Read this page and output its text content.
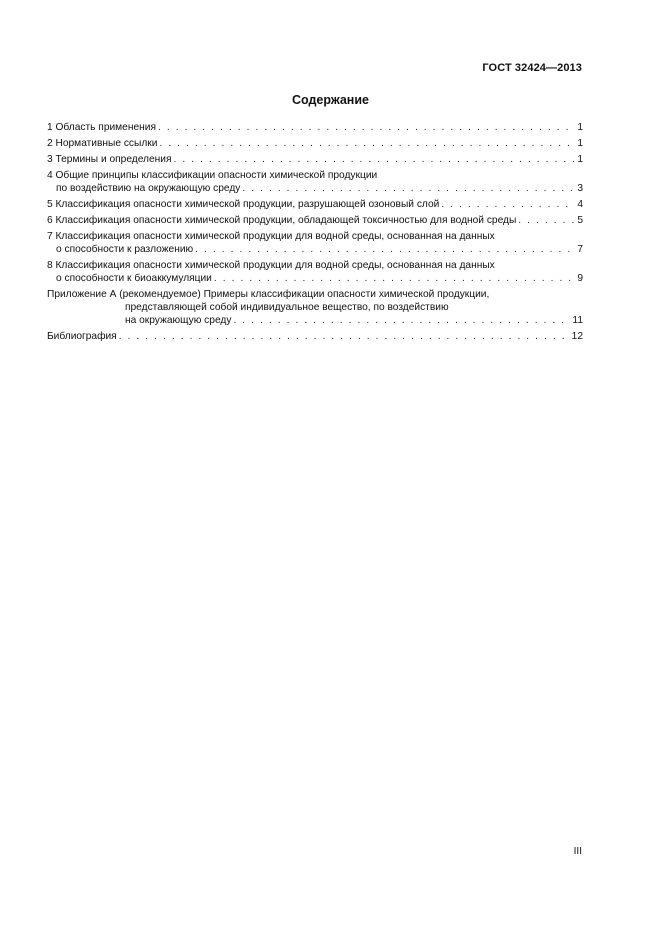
ГОСТ 32424—2013
Содержание
1 Область применения . . .	1
2 Нормативные ссылки . . .	1
3 Термины и определения . . .	1
4 Общие принципы классификации опасности химической продукции
по воздействию на окружающую среду . . .	3
5 Классификация опасности химической продукции, разрушающей озоновый слой . . .	4
6 Классификация опасности химической продукции, обладающей токсичностью для водной среды . . .	5
7 Классификация опасности химической продукции для водной среды, основанная на данных
о способности к разложению . . .	7
8 Классификация опасности химической продукции для водной среды, основанная на данных
о способности к биоаккумуляции . . .	9
Приложение А (рекомендуемое) Примеры классификации опасности химической продукции,
представляющей собой индивидуальное вещество, по воздействию
на окружающую среду . . .	11
Библиография . . .	12
III
